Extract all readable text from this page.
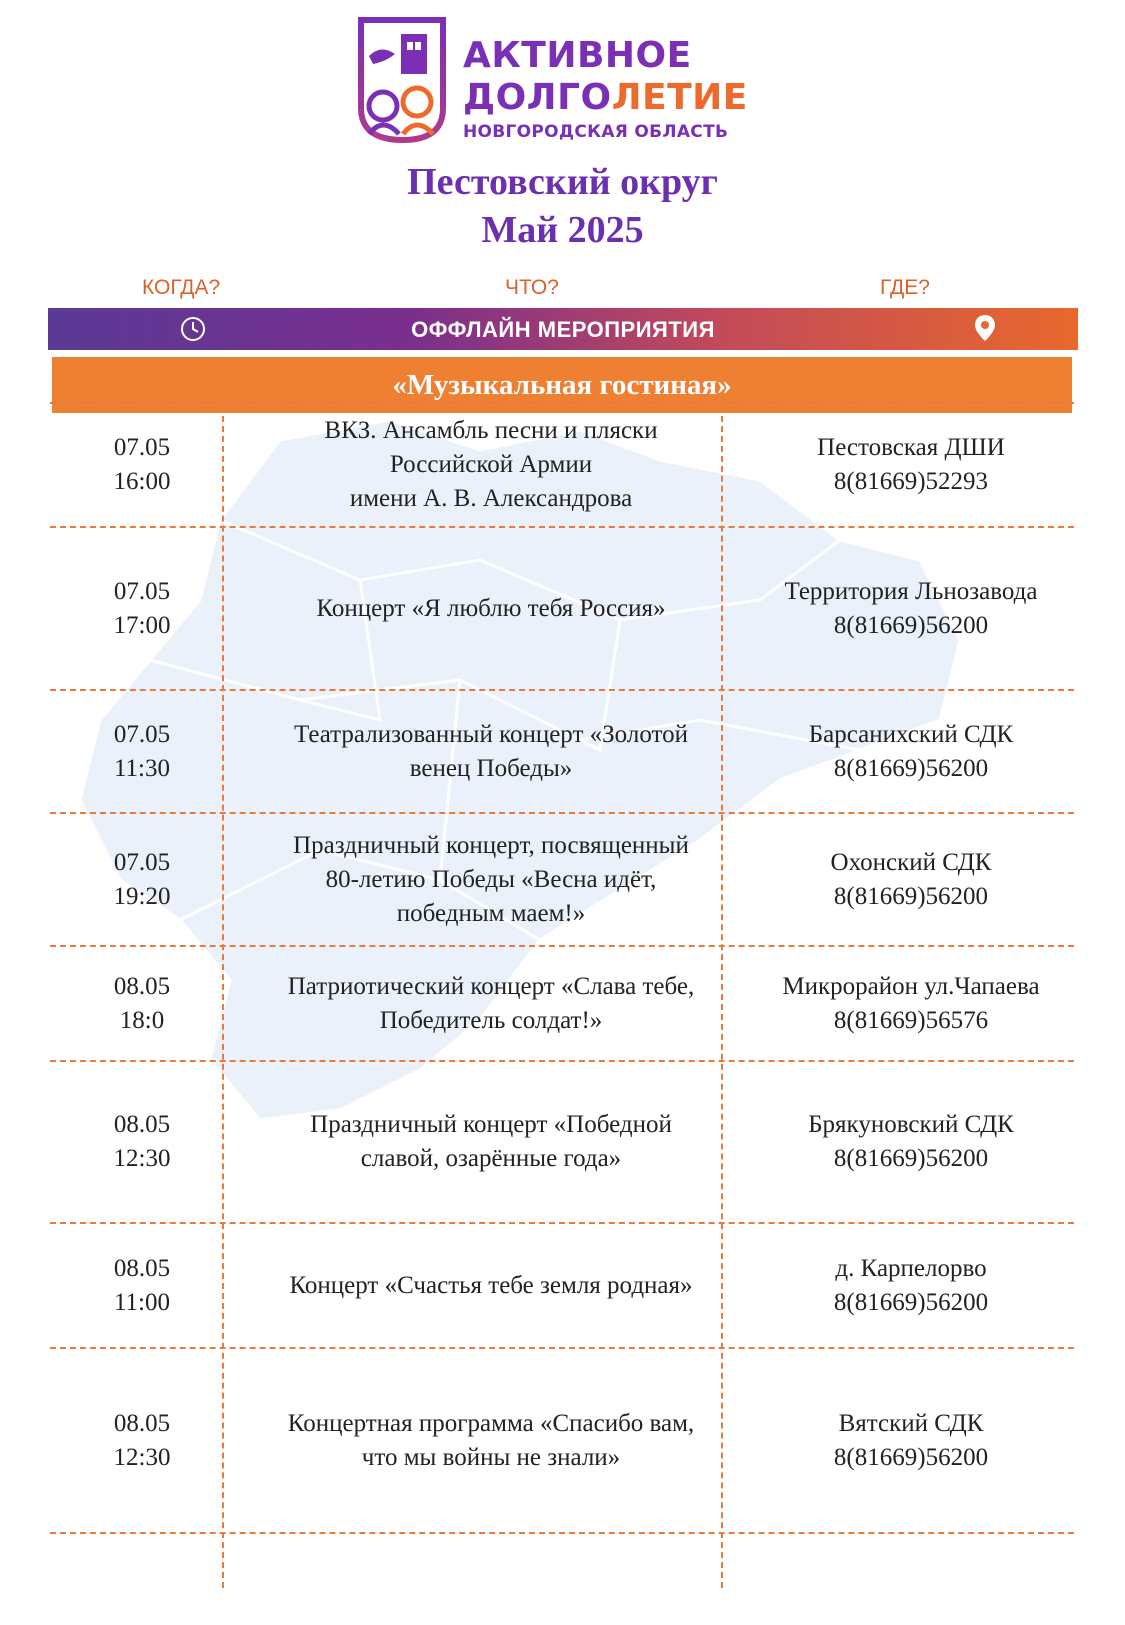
АКТИВНОЕ
ДОЛГОЛЕТИЕ
НОВГОРОДСКАЯ ОБЛАСТЬ
Пестовский округ
Май 2025
КОГДА?	ЧТО?	ГДЕ?
ОФФЛАЙН МЕРОПРИЯТИЯ
«Музыкальная гостиная»
07.05
16:00
ВКЗ. Ансамбль песни и пляски
Российской Армии
имени А. В. Александрова
Пестовская ДШИ
8(81669)52293
07.05
17:00
Концерт «Я люблю тебя Россия»
Территория Льнозавода
8(81669)56200
07.05
11:30
Театрализованный концерт «Золотой
венец Победы»
Барсанихский СДК
8(81669)56200
07.05
19:20
Праздничный концерт, посвященный
80-летию Победы «Весна идёт,
победным маем!»
Охонский СДК
8(81669)56200
08.05
18:0
Патриотический концерт «Слава тебе,
Победитель солдат!»
Микрорайон ул.Чапаева
8(81669)56576
08.05
12:30
Праздничный концерт «Победной
славой, озарённые года»
Брякуновский СДК
8(81669)56200
08.05
11:00
Концерт «Счастья тебе земля родная»
д. Карпелорво
8(81669)56200
08.05
12:30
Концертная программа «Спасибо вам,
что мы войны не знали»
Вятский СДК
8(81669)56200
